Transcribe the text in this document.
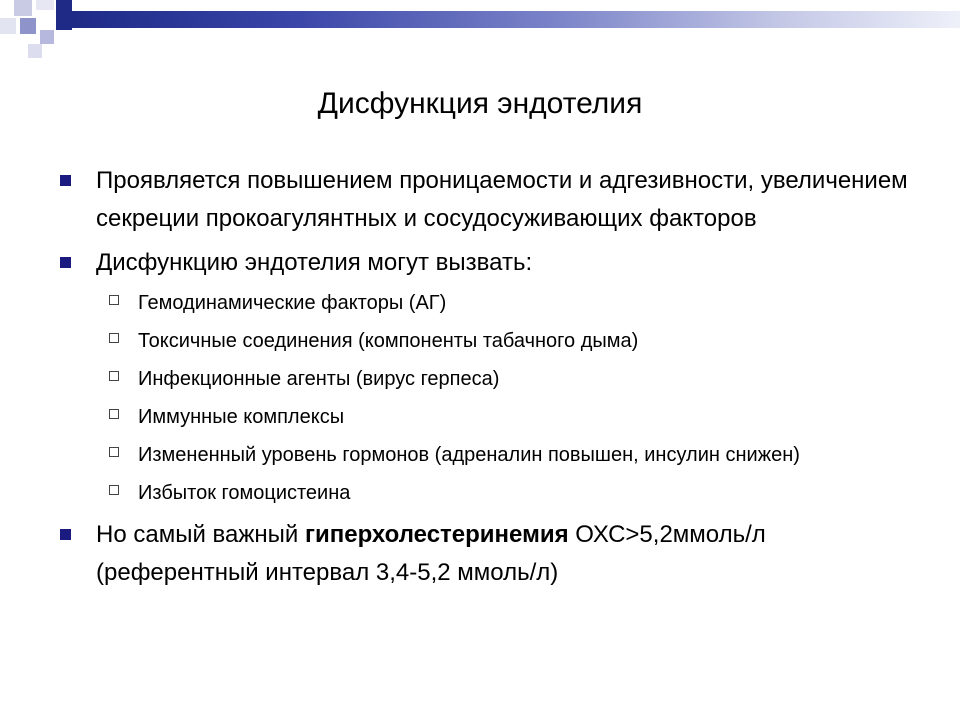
Дисфункция эндотелия
Проявляется повышением проницаемости и адгезивности, увеличением секреции прокоагулянтных и сосудосуживающих факторов
Дисфункцию эндотелия могут вызвать:
Гемодинамические факторы (АГ)
Токсичные соединения (компоненты табачного дыма)
Инфекционные агенты (вирус герпеса)
Иммунные комплексы
Измененный уровень гормонов (адреналин повышен, инсулин снижен)
Избыток гомоцистеина
Но самый важный гиперхолестеринемия ОХС>5,2ммоль/л (референтный интервал 3,4-5,2 ммоль/л)
